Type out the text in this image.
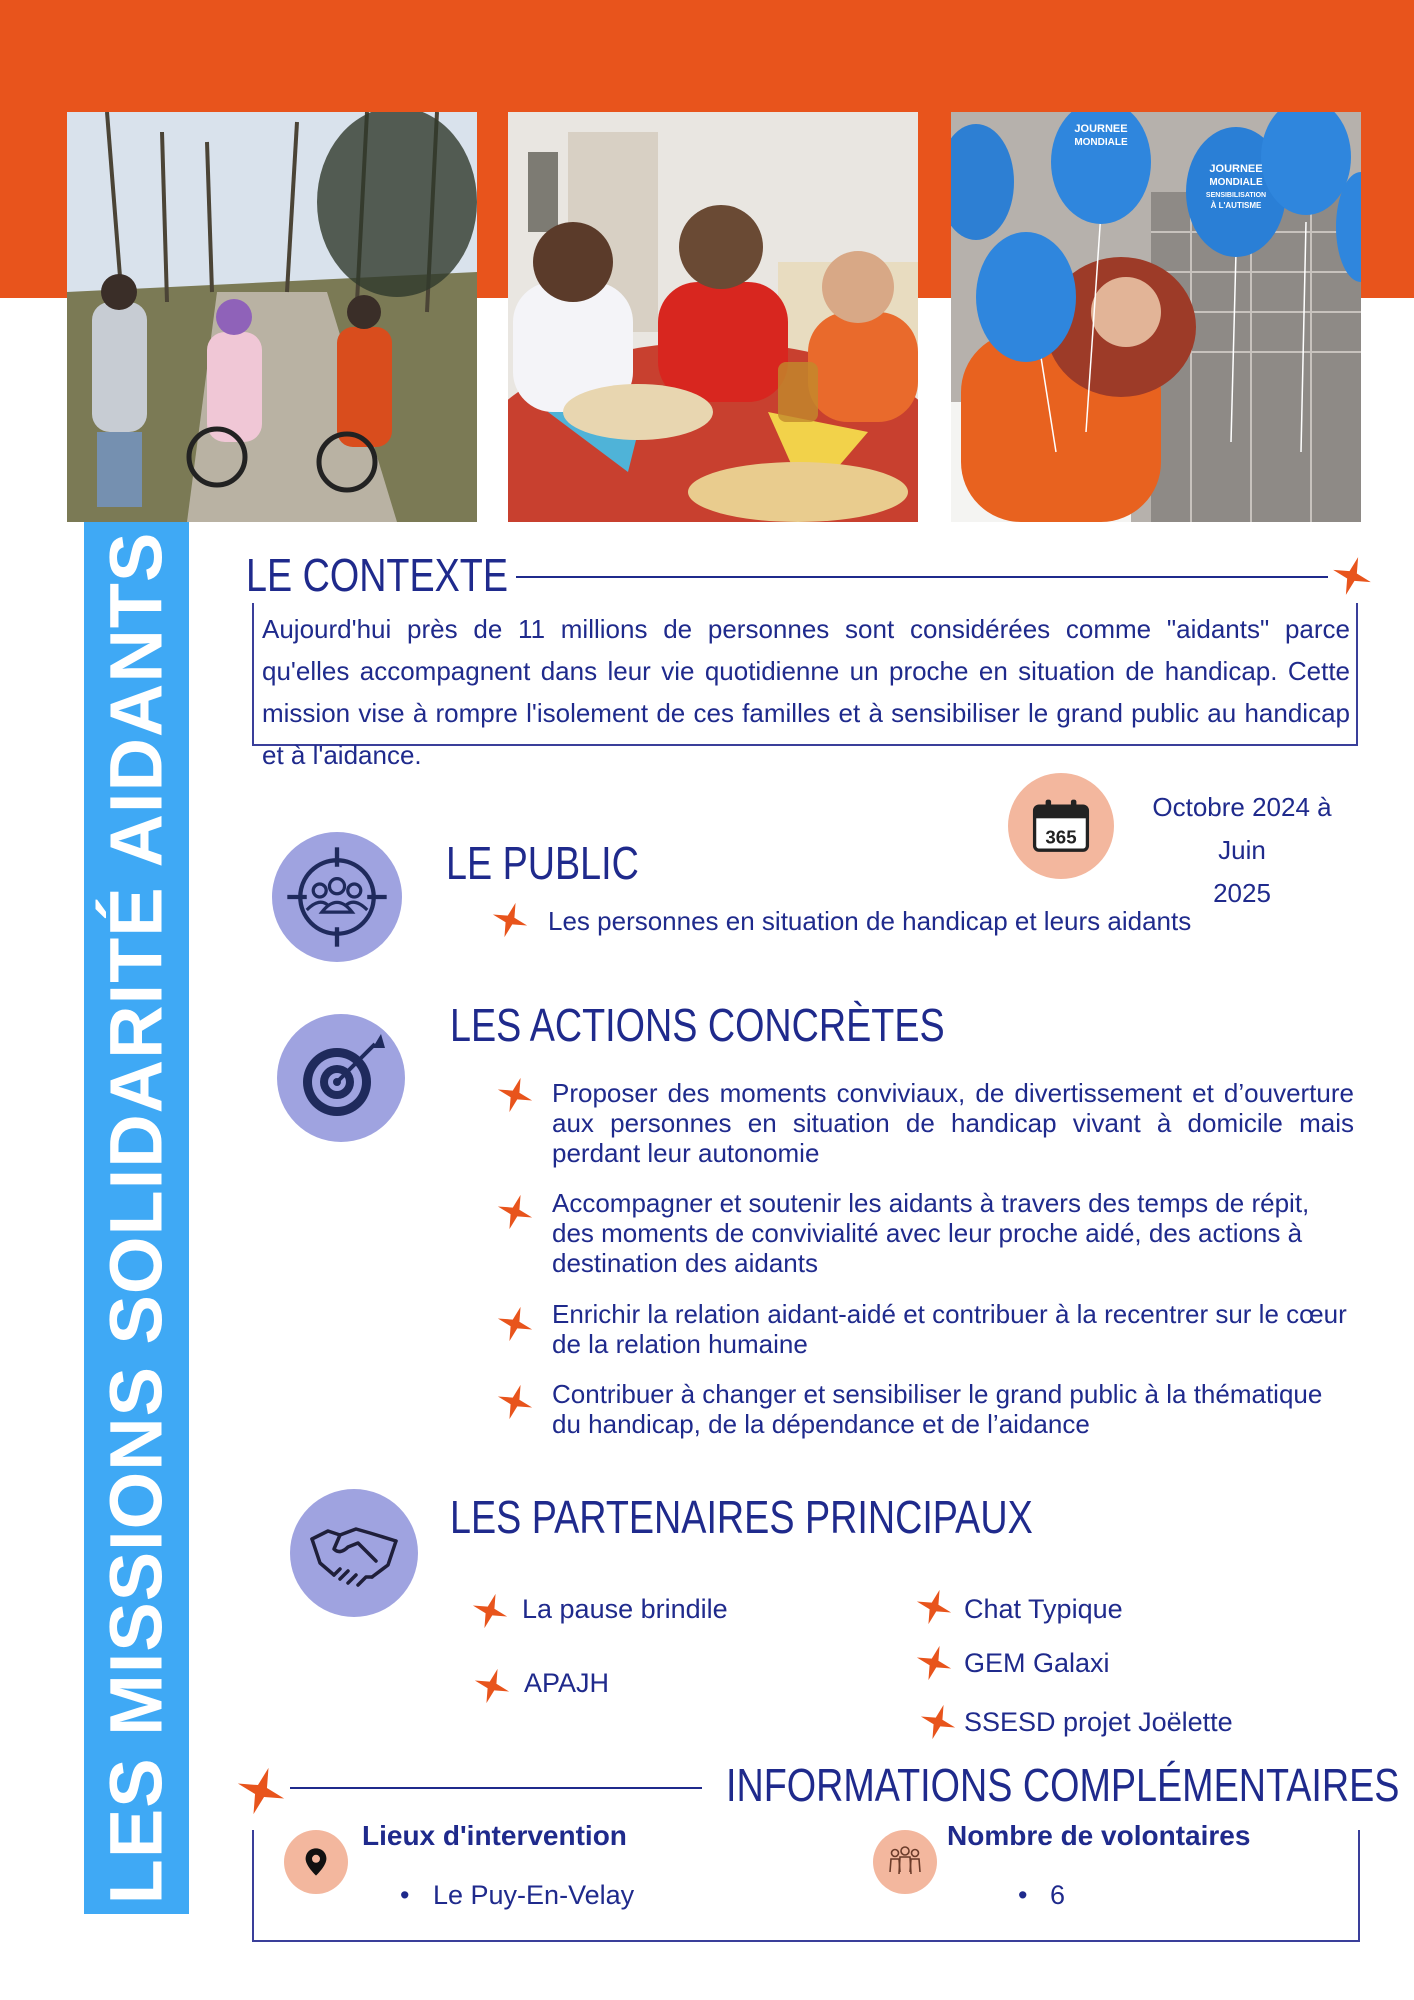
JOURNEE
MONDIALE
JOURNEE
MONDIALE
SENSIBILISATION
À L'AUTISME
LES MISSIONS SOLIDARITÉ AIDANTS LE CONTEXTE
Aujourd'hui près de 11 millions de personnes sont considérées comme "aidants" parce qu'elles accompagnent dans leur vie quotidienne un proche en situation de handicap. Cette mission vise à rompre l'isolement de ces familles et à sensibiliser le grand public au handicap et à l'aidance.
365
Octobre 2024 à Juin
2025
LE PUBLIC
Les personnes en situation de handicap et leurs aidants
LES ACTIONS CONCRÈTES
Proposer des moments conviviaux, de divertissement et d’ouverture aux personnes en situation de handicap vivant à domicile mais perdant leur autonomie
Accompagner et soutenir les aidants à travers des temps de répit, des moments de convivialité avec leur proche aidé, des actions à destination des aidants
Enrichir la relation aidant-aidé et contribuer à la recentrer sur le cœur de la relation humaine
Contribuer à changer et sensibiliser le grand public à la thématique du handicap, de la dépendance et de l’aidance
LES PARTENAIRES PRINCIPAUX
La pause brindile
APAJH
Chat Typique
GEM Galaxi
SSESD projet Joëlette
INFORMATIONS COMPLÉMENTAIRES
Lieux d'intervention
• Le Puy-En-Velay
Nombre de volontaires
• 6
